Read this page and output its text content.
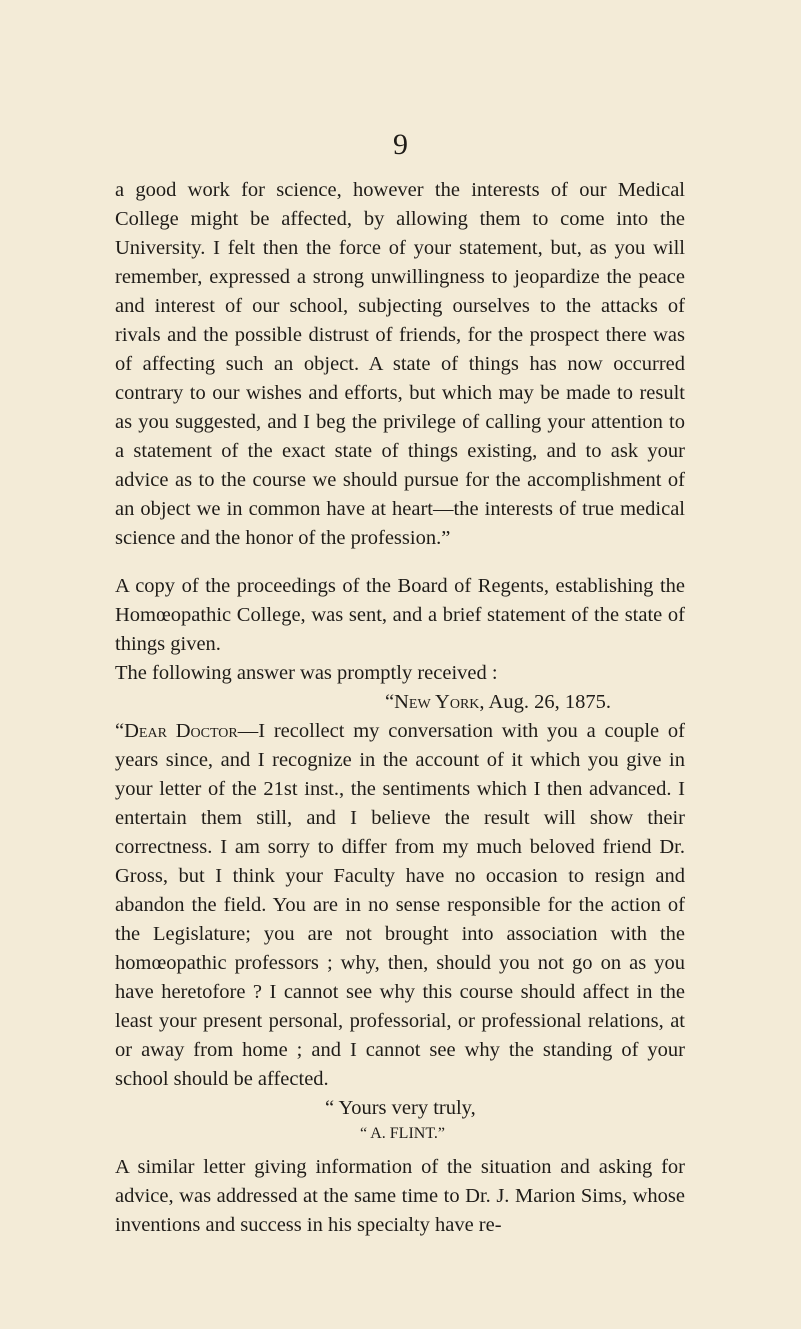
9

a good work for science, however the interests of our Medical College might be affected, by allowing them to come into the University. I felt then the force of your statement, but, as you will remember, expressed a strong unwillingness to jeopardize the peace and interest of our school, subjecting ourselves to the attacks of rivals and the possible distrust of friends, for the prospect there was of affecting such an object. A state of things has now occurred contrary to our wishes and efforts, but which may be made to result as you suggested, and I beg the privilege of calling your attention to a statement of the exact state of things existing, and to ask your advice as to the course we should pursue for the accomplishment of an object we in common have at heart—the interests of true medical science and the honor of the profession.”

A copy of the proceedings of the Board of Regents, establishing the Homœopathic College, was sent, and a brief statement of the state of things given.

The following answer was promptly received :

“New York, Aug. 26, 1875.

“Dear Doctor—I recollect my conversation with you a couple of years since, and I recognize in the account of it which you give in your letter of the 21st inst., the sentiments which I then advanced. I entertain them still, and I believe the result will show their correctness. I am sorry to differ from my much beloved friend Dr. Gross, but I think your Faculty have no occasion to resign and abandon the field. You are in no sense responsible for the action of the Legislature; you are not brought into association with the homœopathic professors ; why, then, should you not go on as you have heretofore ? I cannot see why this course should affect in the least your present personal, professorial, or professional relations, at or away from home ; and I cannot see why the standing of your school should be affected.

“ Yours very truly,

“ A. FLINT.”

A similar letter giving information of the situation and asking for advice, was addressed at the same time to Dr. J. Marion Sims, whose inventions and success in his specialty have re-
